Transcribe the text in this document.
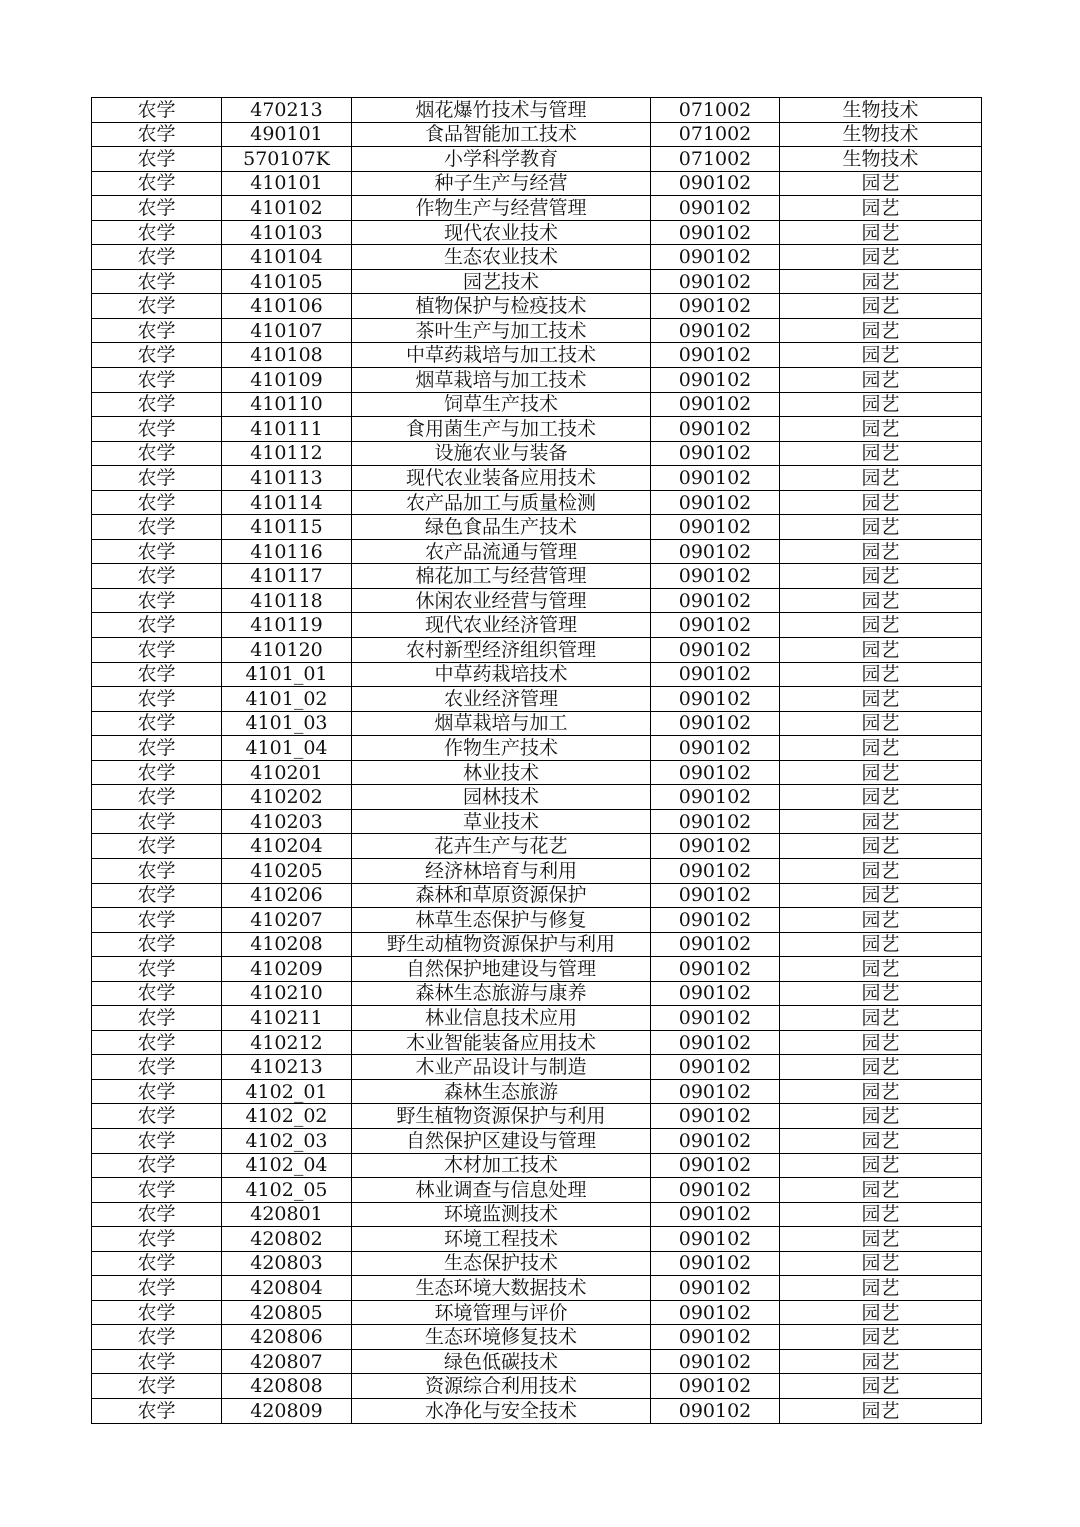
农学	470213	烟花爆竹技术与管理	071002	生物技术
农学	490101	食品智能加工技术	071002	生物技术
农学	570107K	小学科学教育	071002	生物技术
农学	410101	种子生产与经营	090102	园艺
农学	410102	作物生产与经营管理	090102	园艺
农学	410103	现代农业技术	090102	园艺
农学	410104	生态农业技术	090102	园艺
农学	410105	园艺技术	090102	园艺
农学	410106	植物保护与检疫技术	090102	园艺
农学	410107	茶叶生产与加工技术	090102	园艺
农学	410108	中草药栽培与加工技术	090102	园艺
农学	410109	烟草栽培与加工技术	090102	园艺
农学	410110	饲草生产技术	090102	园艺
农学	410111	食用菌生产与加工技术	090102	园艺
农学	410112	设施农业与装备	090102	园艺
农学	410113	现代农业装备应用技术	090102	园艺
农学	410114	农产品加工与质量检测	090102	园艺
农学	410115	绿色食品生产技术	090102	园艺
农学	410116	农产品流通与管理	090102	园艺
农学	410117	棉花加工与经营管理	090102	园艺
农学	410118	休闲农业经营与管理	090102	园艺
农学	410119	现代农业经济管理	090102	园艺
农学	410120	农村新型经济组织管理	090102	园艺
农学	4101_01	中草药栽培技术	090102	园艺
农学	4101_02	农业经济管理	090102	园艺
农学	4101_03	烟草栽培与加工	090102	园艺
农学	4101_04	作物生产技术	090102	园艺
农学	410201	林业技术	090102	园艺
农学	410202	园林技术	090102	园艺
农学	410203	草业技术	090102	园艺
农学	410204	花卉生产与花艺	090102	园艺
农学	410205	经济林培育与利用	090102	园艺
农学	410206	森林和草原资源保护	090102	园艺
农学	410207	林草生态保护与修复	090102	园艺
农学	410208	野生动植物资源保护与利用	090102	园艺
农学	410209	自然保护地建设与管理	090102	园艺
农学	410210	森林生态旅游与康养	090102	园艺
农学	410211	林业信息技术应用	090102	园艺
农学	410212	木业智能装备应用技术	090102	园艺
农学	410213	木业产品设计与制造	090102	园艺
农学	4102_01	森林生态旅游	090102	园艺
农学	4102_02	野生植物资源保护与利用	090102	园艺
农学	4102_03	自然保护区建设与管理	090102	园艺
农学	4102_04	木材加工技术	090102	园艺
农学	4102_05	林业调查与信息处理	090102	园艺
农学	420801	环境监测技术	090102	园艺
农学	420802	环境工程技术	090102	园艺
农学	420803	生态保护技术	090102	园艺
农学	420804	生态环境大数据技术	090102	园艺
农学	420805	环境管理与评价	090102	园艺
农学	420806	生态环境修复技术	090102	园艺
农学	420807	绿色低碳技术	090102	园艺
农学	420808	资源综合利用技术	090102	园艺
农学	420809	水净化与安全技术	090102	园艺
